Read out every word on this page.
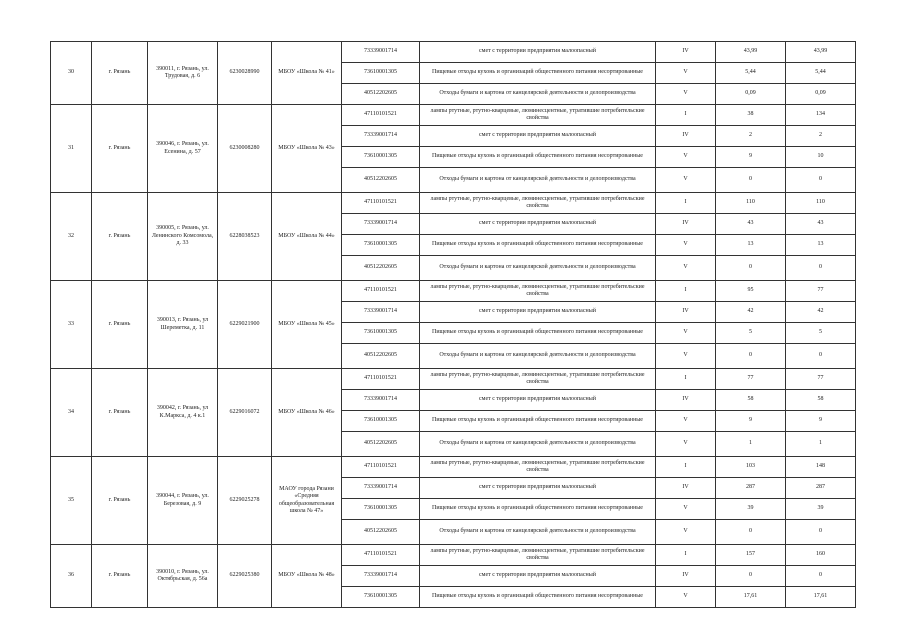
30	г. Рязань	390011, г. Рязань, ул. Трудовая, д. 6	6230028990	МБОУ «Школа № 41»	73339001714	смет с территории предприятия малоопасный	IV	43,99	43,99
					73610001305	Пищевые отходы кухонь и организаций общественного питания несортированные	V	5,44	5,44
					40512202605	Отходы бумаги и картона от канцелярской деятельности и делопроизводства	V	0,09	0,09
31	г. Рязань	390046, г. Рязань, ул. Есенина, д. 57	6230008280	МБОУ «Школа № 43»	47110101521	лампы ртутные, ртутно-кварцевые, люминесцентные, утратившие потребительские свойства	I	38	134
					73339001714	смет с территории предприятия малоопасный	IV	2	2
					73610001305	Пищевые отходы кухонь и организаций общественного питания несортированные	V	9	10
					40512202605	Отходы бумаги и картона от канцелярской деятельности и делопроизводства	V	0	0
32	г. Рязань	390005, г. Рязань, ул. Ленинского Комсомола, д. 33	6228038523	МБОУ «Школа № 44»	47110101521	лампы ртутные, ртутно-кварцевые, люминесцентные, утратившие потребительские свойства	I	110	110
					73339001714	смет с территории предприятия малоопасный	IV	43	43
					73610001305	Пищевые отходы кухонь и организаций общественного питания несортированные	V	13	13
					40512202605	Отходы бумаги и картона от канцелярской деятельности и делопроизводства	V	0	0
33	г. Рязань	390013, г. Рязань, ул Шереметка, д. 11	6229021900	МБОУ «Школа № 45»	47110101521	лампы ртутные, ртутно-кварцевые, люминесцентные, утратившие потребительские свойства	I	95	77
					73339001714	смет с территории предприятия малоопасный	IV	42	42
					73610001305	Пищевые отходы кухонь и организаций общественного питания несортированные	V	5	5
					40512202605	Отходы бумаги и картона от канцелярской деятельности и делопроизводства	V	0	0
34	г. Рязань	390042, г. Рязань, ул К.Маркса, д. 4 к.1	6229016072	МБОУ «Школа № 46»	47110101521	лампы ртутные, ртутно-кварцевые, люминесцентные, утратившие потребительские свойства	I	77	77
					73339001714	смет с территории предприятия малоопасный	IV	58	58
					73610001305	Пищевые отходы кухонь и организаций общественного питания несортированные	V	9	9
					40512202605	Отходы бумаги и картона от канцелярской деятельности и делопроизводства	V	1	1
35	г. Рязань	390044, г. Рязань, ул. Березовая, д. 9	6229025278	МАОУ города Рязани «Средняя общеобразовательная школа № 47»	47110101521	лампы ртутные, ртутно-кварцевые, люминесцентные, утратившие потребительские свойства	I	103	148
					73339001714	смет с территории предприятия малоопасный	IV	287	287
					73610001305	Пищевые отходы кухонь и организаций общественного питания несортированные	V	39	39
					40512202605	Отходы бумаги и картона от канцелярской деятельности и делопроизводства	V	0	0
36	г. Рязань	390010, г. Рязань, ул. Октябрьская, д. 56а	6229025380	МБОУ «Школа № 48»	47110101521	лампы ртутные, ртутно-кварцевые, люминесцентные, утратившие потребительские свойства	I	157	160
					73339001714	смет с территории предприятия малоопасный	IV	0	0
					73610001305	Пищевые отходы кухонь и организаций общественного питания несортированные	V	17,61	17,61
